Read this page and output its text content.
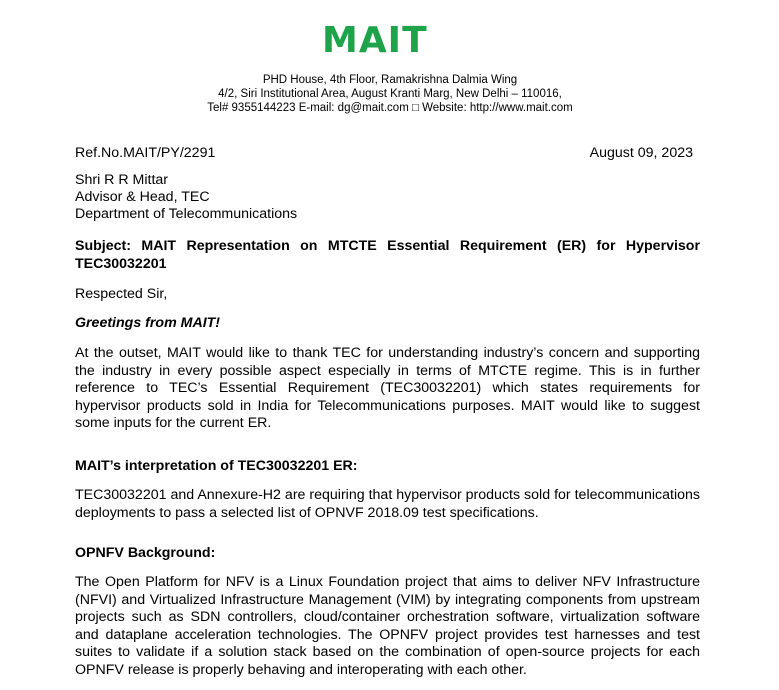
MAIT
PHD House, 4th Floor, Ramakrishna Dalmia Wing
4/2, Siri Institutional Area, August Kranti Marg, New Delhi – 110016,
Tel# 9355144223 E-mail: dg@mait.com □ Website: http://www.mait.com
Ref.No.MAIT/PY/2291	August 09, 2023
Shri R R Mittar
Advisor & Head, TEC
Department of Telecommunications
Subject: MAIT Representation on MTCTE Essential Requirement (ER) for Hypervisor TEC30032201
Respected Sir,
Greetings from MAIT!
At the outset, MAIT would like to thank TEC for understanding industry’s concern and supporting the industry in every possible aspect especially in terms of MTCTE regime. This is in further reference to TEC’s Essential Requirement (TEC30032201) which states requirements for hypervisor products sold in India for Telecommunications purposes. MAIT would like to suggest some inputs for the current ER.
MAIT’s interpretation of TEC30032201 ER:
TEC30032201 and Annexure-H2 are requiring that hypervisor products sold for telecommunications deployments to pass a selected list of OPNVF 2018.09 test specifications.
OPNFV Background:
The Open Platform for NFV is a Linux Foundation project that aims to deliver NFV Infrastructure (NFVI) and Virtualized Infrastructure Management (VIM) by integrating components from upstream projects such as SDN controllers, cloud/container orchestration software, virtualization software and dataplane acceleration technologies. The OPNFV project provides test harnesses and test suites to validate if a solution stack based on the combination of open-source projects for each OPNFV release is properly behaving and interoperating with each other.
